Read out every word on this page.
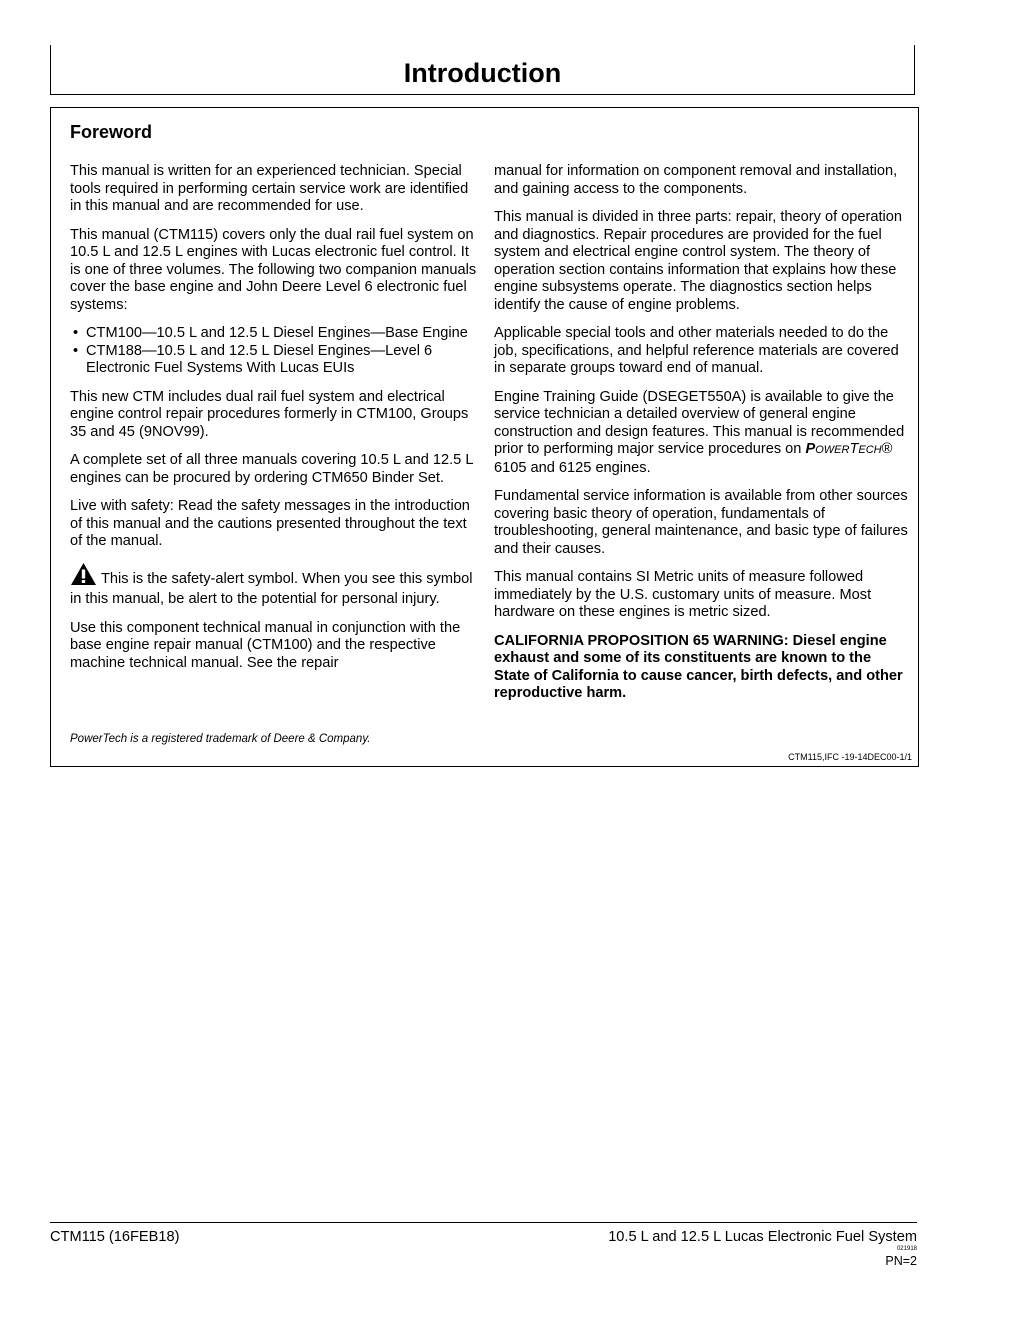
Introduction
Foreword

This manual is written for an experienced technician. Special tools required in performing certain service work are identified in this manual and are recommended for use.

This manual (CTM115) covers only the dual rail fuel system on 10.5 L and 12.5 L engines with Lucas electronic fuel control. It is one of three volumes. The following two companion manuals cover the base engine and John Deere Level 6 electronic fuel systems:

• CTM100—10.5 L and 12.5 L Diesel Engines—Base Engine
• CTM188—10.5 L and 12.5 L Diesel Engines—Level 6 Electronic Fuel Systems With Lucas EUIs

This new CTM includes dual rail fuel system and electrical engine control repair procedures formerly in CTM100, Groups 35 and 45 (9NOV99).

A complete set of all three manuals covering 10.5 L and 12.5 L engines can be procured by ordering CTM650 Binder Set.

Live with safety: Read the safety messages in the introduction of this manual and the cautions presented throughout the text of the manual.

This is the safety-alert symbol. When you see this symbol in this manual, be alert to the potential for personal injury.

Use this component technical manual in conjunction with the base engine repair manual (CTM100) and the respective machine technical manual. See the repair

manual for information on component removal and installation, and gaining access to the components.

This manual is divided in three parts: repair, theory of operation and diagnostics. Repair procedures are provided for the fuel system and electrical engine control system. The theory of operation section contains information that explains how these engine subsystems operate. The diagnostics section helps identify the cause of engine problems.

Applicable special tools and other materials needed to do the job, specifications, and helpful reference materials are covered in separate groups toward end of manual.

Engine Training Guide (DSEGET550A) is available to give the service technician a detailed overview of general engine construction and design features. This manual is recommended prior to performing major service procedures on POWERTECH® 6105 and 6125 engines.

Fundamental service information is available from other sources covering basic theory of operation, fundamentals of troubleshooting, general maintenance, and basic type of failures and their causes.

This manual contains SI Metric units of measure followed immediately by the U.S. customary units of measure. Most hardware on these engines is metric sized.

CALIFORNIA PROPOSITION 65 WARNING: Diesel engine exhaust and some of its constituents are known to the State of California to cause cancer, birth defects, and other reproductive harm.

PowerTech is a registered trademark of Deere & Company.
CTM115,IFC -19-14DEC00-1/1
CTM115 (16FEB18)	10.5 L and 12.5 L Lucas Electronic Fuel System
021918
PN=2
